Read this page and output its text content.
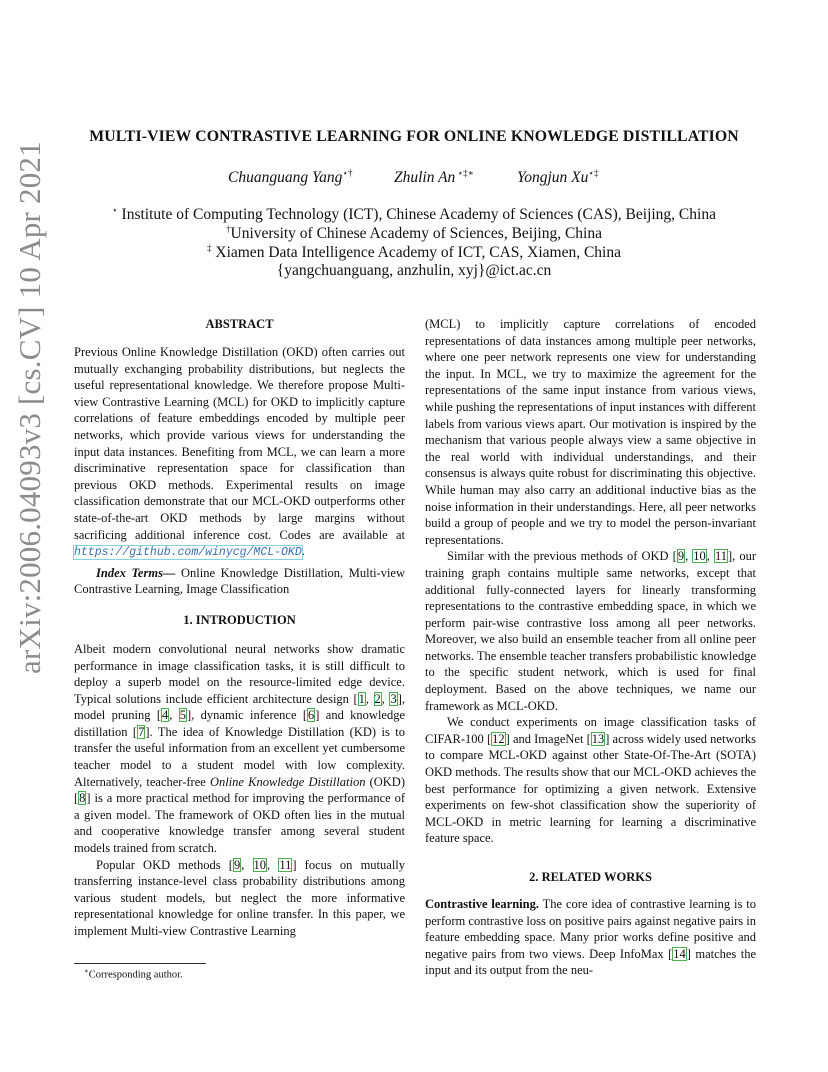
arXiv:2006.04093v3 [cs.CV] 10 Apr 2021
MULTI-VIEW CONTRASTIVE LEARNING FOR ONLINE KNOWLEDGE DISTILLATION
Chuanguang Yang⋆†	Zhulin An ⋆‡∗	Yongjun Xu⋆‡
⋆ Institute of Computing Technology (ICT), Chinese Academy of Sciences (CAS), Beijing, China
†University of Chinese Academy of Sciences, Beijing, China
‡ Xiamen Data Intelligence Academy of ICT, CAS, Xiamen, China
{yangchuanguang, anzhulin, xyj}@ict.ac.cn
ABSTRACT

Previous Online Knowledge Distillation (OKD) often carries out mutually exchanging probability distributions, but neglects the useful representational knowledge. We therefore propose Multi-view Contrastive Learning (MCL) for OKD to implicitly capture correlations of feature embeddings encoded by multiple peer networks, which provide various views for understanding the input data instances. Benefiting from MCL, we can learn a more discriminative representation space for classification than previous OKD methods. Experimental results on image classification demonstrate that our MCL-OKD outperforms other state-of-the-art OKD methods by large margins without sacrificing additional inference cost. Codes are available at https://github.com/winycg/MCL-OKD.

Index Terms— Online Knowledge Distillation, Multi-view Contrastive Learning, Image Classification

1. INTRODUCTION

Albeit modern convolutional neural networks show dramatic performance in image classification tasks, it is still difficult to deploy a superb model on the resource-limited edge device. Typical solutions include efficient architecture design [1, 2, 3], model pruning [4, 5], dynamic inference [6] and knowledge distillation [7]. The idea of Knowledge Distillation (KD) is to transfer the useful information from an excellent yet cumbersome teacher model to a student model with low complexity. Alternatively, teacher-free Online Knowledge Distillation (OKD) [8] is a more practical method for improving the performance of a given model. The framework of OKD often lies in the mutual and cooperative knowledge transfer among several student models trained from scratch.

Popular OKD methods [9, 10, 11] focus on mutually transferring instance-level class probability distributions among various student models, but neglect the more informative representational knowledge for online transfer. In this paper, we implement Multi-view Contrastive Learning

(MCL) to implicitly capture correlations of encoded representations of data instances among multiple peer networks, where one peer network represents one view for understanding the input. In MCL, we try to maximize the agreement for the representations of the same input instance from various views, while pushing the representations of input instances with different labels from various views apart. Our motivation is inspired by the mechanism that various people always view a same objective in the real world with individual understandings, and their consensus is always quite robust for discriminating this objective. While human may also carry an additional inductive bias as the noise information in their understandings. Here, all peer networks build a group of people and we try to model the person-invariant representations.

Similar with the previous methods of OKD [9, 10, 11], our training graph contains multiple same networks, except that additional fully-connected layers for linearly transforming representations to the contrastive embedding space, in which we perform pair-wise contrastive loss among all peer networks. Moreover, we also build an ensemble teacher from all online peer networks. The ensemble teacher transfers probabilistic knowledge to the specific student network, which is used for final deployment. Based on the above techniques, we name our framework as MCL-OKD.

We conduct experiments on image classification tasks of CIFAR-100 [12] and ImageNet [13] across widely used networks to compare MCL-OKD against other State-Of-The-Art (SOTA) OKD methods. The results show that our MCL-OKD achieves the best performance for optimizing a given network. Extensive experiments on few-shot classification show the superiority of MCL-OKD in metric learning for learning a discriminative feature space.

2. RELATED WORKS

Contrastive learning. The core idea of contrastive learning is to perform contrastive loss on positive pairs against negative pairs in feature embedding space. Many prior works define positive and negative pairs from two views. Deep InfoMax [14] matches the input and its output from the neu-

∗Corresponding author.
